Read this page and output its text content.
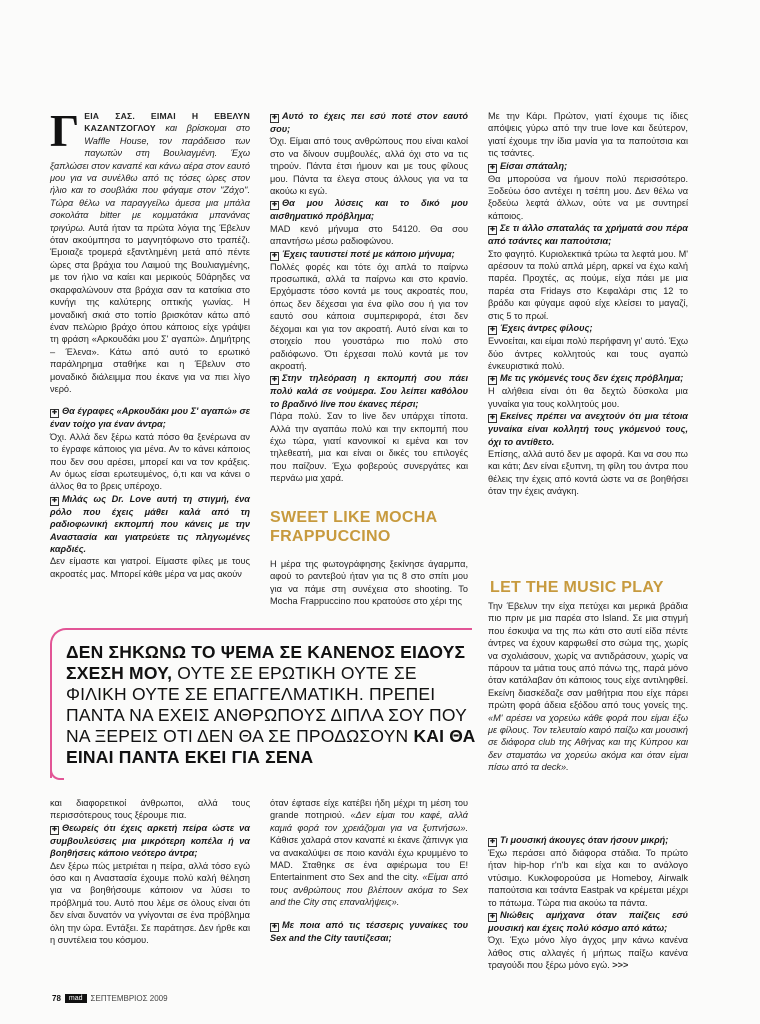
Γ ΕΙΑ ΣΑΣ. ΕΙΜΑΙ Η ΕΒΕΛΥΝ ΚΑΖΑΝΤΖΟΓΛΟΥ και βρίσκομαι στο Waffle House, τον παράδεισο των παγωτών στη Βουλιαγμένη. Έχω ξαπλώσει στον καναπέ και κάνω αέρα στον εαυτό μου για να συνέλθω από τις τόσες ώρες στον ήλιο και το σουβλάκι που φάγαμε στον "Ζάχο". Τώρα θέλω να παραγγείλω άμεσα μια μπάλα σοκολάτα bitter με κομματάκια μπανάνας τριγύρω. Αυτά ήταν τα πρώτα λόγια της Έβελυν όταν ακούμπησα το μαγνητόφωνο στο τραπέζι. Έμοιαζε τρομερά εξαντλημένη μετά από πέντε ώρες στα βράχια του Λαιμού της Βουλιαγμένης, με τον ήλιο να καίει και μερικούς 50άρηδες να σκαρφαλώνουν στα βράχια σαν τα κατσίκια στο κυνήγι της καλύτερης οπτικής γωνίας. Η μοναδική σκιά στο τοπίο βρισκόταν κάτω από έναν πελώριο βράχο όπου κάποιος είχε γράψει τη φράση «Αρκουδάκι μου Σ' αγαπώ». Δημήτρης – Έλενα». Κάτω από αυτό το ερωτικό παράληρημα σταθήκε και η Έβελυν στο μοναδικό διάλειμμα που έκανε για να πιει λίγο νερό.

✚ Θα έγραφες «Αρκουδάκι μου Σ' αγαπώ» σε έναν τοίχο για έναν άντρα;

Όχι. Αλλά δεν ξέρω κατά πόσο θα ξενέρωνα αν το έγραφε κάποιος για μένα. Αν το κάνει κάποιος που δεν σου αρέσει, μπορεί και να τον κράξεις. Αν όμως είσαι ερωτευμένος, ό,τι και να κάνει ο άλλος θα το βρεις υπέροχο.

✚ Μιλάς ως Dr. Love αυτή τη στιγμή, ένα ρόλο που έχεις μάθει καλά από τη ραδιοφωνική εκπομπή που κάνεις με την Αναστασία και γιατρεύετε τις πληγωμένες καρδιές.

Δεν είμαστε και γιατροί. Είμαστε φίλες με τους ακροατές μας. Μπορεί κάθε μέρα να μας ακούν

✚ Αυτό το έχεις πει εσύ ποτέ στον εαυτό σου;

Όχι. Είμαι από τους ανθρώπους που είναι καλοί στο να δίνουν συμβουλές, αλλά όχι στο να τις τηρούν. Πάντα έτσι ήμουν και με τους φίλους μου. Πάντα τα έλεγα στους άλλους για να τα ακούω κι εγώ.

✚ Θα μου λύσεις και το δικό μου αισθηματικό πρόβλημα;

MAD κενό μήνυμα στο 54120. Θα σου απαντήσω μέσω ραδιοφώνου.

✚ Έχεις ταυτιστεί ποτέ με κάποιο μήνυμα;

Πολλές φορές και τότε όχι απλά το παίρνω προσωπικά, αλλά τα παίρνω και στο κρανίο. Ερχόμαστε τόσο κοντά με τους ακροατές που, όπως δεν δέχεσαι για ένα φίλο σου ή για τον εαυτό σου κάποια συμπεριφορά, έτσι δεν δέχομαι και για τον ακροατή. Αυτό είναι και το στοιχείο που γουστάρω πιο πολύ στο ραδιόφωνο. Ότι έρχεσαι πολύ κοντά με τον ακροατή.

✚ Στην τηλεόραση η εκπομπή σου πάει πολύ καλά σε νούμερα. Σου λείπει καθόλου το βραδινό live που έκανες πέρσι;

Πάρα πολύ. Σαν το live δεν υπάρχει τίποτα. Αλλά την αγαπάω πολύ και την εκπομπή που έχω τώρα, γιατί κανονικοί κι εμένα και τον τηλεθεατή, μια και είναι οι δικές του επιλογές που παίζουν. Έχω φοβερούς συνεργάτες και περνάω μια χαρά.

SWEET LIKE MOCHA FRAPPUCCINO

Η μέρα της φωτογράφησης ξεκίνησε άγαρμπα, αφού το ραντεβού ήταν για τις 8 στο σπίτι μου για να πάμε στη συνέχεια στο shooting. Το Mocha Frappuccino που κρατούσε στο χέρι της

Με την Κάρι. Πρώτον, γιατί έχουμε τις ίδιες απόψεις γύρω από την true love και δεύτερον, γιατί έχουμε την ίδια μανία για τα παπούτσια και τις τσάντες.

✚ Είσαι σπάταλη;

Θα μπορούσα να ήμουν πολύ περισσότερο. Ξοδεύω όσο αντέχει η τσέπη μου. Δεν θέλω να ξοδεύω λεφτά άλλων, ούτε να με συντηρεί κάποιος.

✚ Σε τι άλλο σπαταλάς τα χρήματά σου πέρα από τσάντες και παπούτσια;

Στο φαγητό. Κυριολεκτικά τρώω τα λεφτά μου. Μ' αρέσουν τα πολύ απλά μέρη, αρκεί να έχω καλή παρέα. Προχτές, ας πούμε, είχα πάει με μια παρέα στα Fridays στο Κεφαλάρι στις 12 το βράδυ και φύγαμε αφού είχε κλείσει το μαγαζί, στις 5 το πρωί.

✚ Έχεις άντρες φίλους;

Εννοείται, και είμαι πολύ περήφανη γι' αυτό. Έχω δύο άντρες κολλητούς και τους αγαπώ ένκευριστικά πολύ.

✚ Με τις γκόμενές τους δεν έχεις πρόβλημα;

Η αλήθεια είναι ότι θα δεχτώ δύσκολα μια γυναίκα για τους κολλητούς μου.

✚ Εκείνες πρέπει να ανεχτούν ότι μια τέτοια γυναίκα είναι κολλητή τους γκόμενού τους, όχι το αντίθετο.

Επίσης, αλλά αυτό δεν με αφορά. Και να σου πω και κάτι; Δεν είναι εξυπνη, τη φίλη του άντρα που θέλεις την έχεις από κοντά ώστε να σε βοηθήσει όταν την έχεις ανάγκη.

LET THE MUSIC PLAY
Την Έβελυν την είχα πετύχει και μερικά βράδια πιο πριν με μια παρέα στο Island. Σε μια στιγμή που έσκυψα να της πω κάτι στο αυτί είδα πέντε άντρες να έχουν καρφωθεί στο σώμα της, χωρίς να σχολιάσουν, χωρίς να αντιδράσουν, χωρίς να πάρουν τα μάτια τους από πάνω της, παρά μόνο όταν κατάλαβαν ότι κάποιος τους είχε αντιληφθεί. Εκείνη διασκέδαζε σαν μαθήτρια που είχε πάρει πρώτη φορά άδεια εξόδου από τους γονείς της. «Μ' αρέσει να χορεύω κάθε φορά που είμαι έξω με φίλους. Τον τελευταίο καιρό παίζω και μουσική σε διάφορα club της Αθήνας και της Κύπρου και δεν σταματάω να χορεύω ακόμα και όταν είμαι πίσω από τα deck».
ΔΕΝ ΣΗΚΩΝΩ ΤΟ ΨΕΜΑ ΣΕ ΚΑΝΕΝΟΣ ΕΙΔΟΥΣ ΣΧΕΣΗ ΜΟΥ, ΟΥΤΕ ΣΕ ΕΡΩΤΙΚΗ ΟΥΤΕ ΣΕ ΦΙΛΙΚΗ ΟΥΤΕ ΣΕ ΕΠΑΓΓΕΛΜΑΤΙΚΗ. ΠΡΕΠΕΙ ΠΑΝΤΑ ΝΑ ΕΧΕΙΣ ΑΝΘΡΩΠΟΥΣ ΔΙΠΛΑ ΣΟΥ ΠΟΥ ΝΑ ΞΕΡΕΙΣ ΟΤΙ ΔΕΝ ΘΑ ΣΕ ΠΡΟΔΩΣΟΥΝ ΚΑΙ ΘΑ ΕΙΝΑΙ ΠΑΝΤΑ ΕΚΕΙ ΓΙΑ ΣΕΝΑ

και διαφορετικοί άνθρωποι, αλλά τους περισσότερους τους ξέρουμε πια.

✚ Θεωρείς ότι έχεις αρκετή πείρα ώστε να συμβουλεύσεις μια μικρότερη κοπέλα ή να βοηθήσεις κάποιο νεότερο άντρα;

Δεν ξέρω πώς μετριέται η πείρα, αλλά τόσο εγώ όσο και η Αναστασία έχουμε πολύ καλή θέληση για να βοηθήσουμε κάποιον να λύσει το πρόβλημά του. Αυτό που λέμε σε όλους είναι ότι δεν είναι δυνατόν να γνίγονται σε ένα πρόβλημα όλη την ώρα. Εντάξει. Σε παράτησε. Δεν ήρθε και η συντέλεια του κόσμου.

όταν έφτασε είχε κατέβει ήδη μέχρι τη μέση του grande ποτηριού. «Δεν είμαι του καφέ, αλλά καμιά φορά τον χρειάζομαι για να ξυπνήσω». Κάθισε χαλαρά στον καναπέ κι έκανε ζάπινγκ για να ανακαλύψει σε ποιο κανάλι έχω κρυμμένο το MAD. Σταθηκε σε ένα αφιέρωμα του E! Entertainment στο Sex and the city. «Είμαι από τους ανθρώπους που βλέπουν ακόμα το Sex and the City στις επαναλήψεις».

✚ Με ποια από τις τέσσερις γυναίκες του Sex and the City ταυτίζεσαι;

✚ Τι μουσική άκουγες όταν ήσουν μικρή;

Έχω περάσει από διάφορα στάδια. Το πρώτο ήταν hip-hop r'n'b και είχα και το ανάλογο ντύσιμο. Κυκλοφορούσα με Homeboy, Airwalk παπούτσια και τσάντα Eastpak να κρέμεται μέχρι το πάτωμα. Τώρα πια ακούω τα πάντα.

✚ Νιώθεις αμήχανα όταν παίζεις εσύ μουσική και έχεις πολύ κόσμο από κάτω;

Όχι. Έχω μόνο λίγο άγχος μην κάνω κανένα λάθος στις αλλαγές ή μήπως παίξω κανένα τραγούδι που ξέρω μόνο εγώ. >>>

78	mad	ΣΕΠΤΕΜΒΡΙΟΣ 2009
